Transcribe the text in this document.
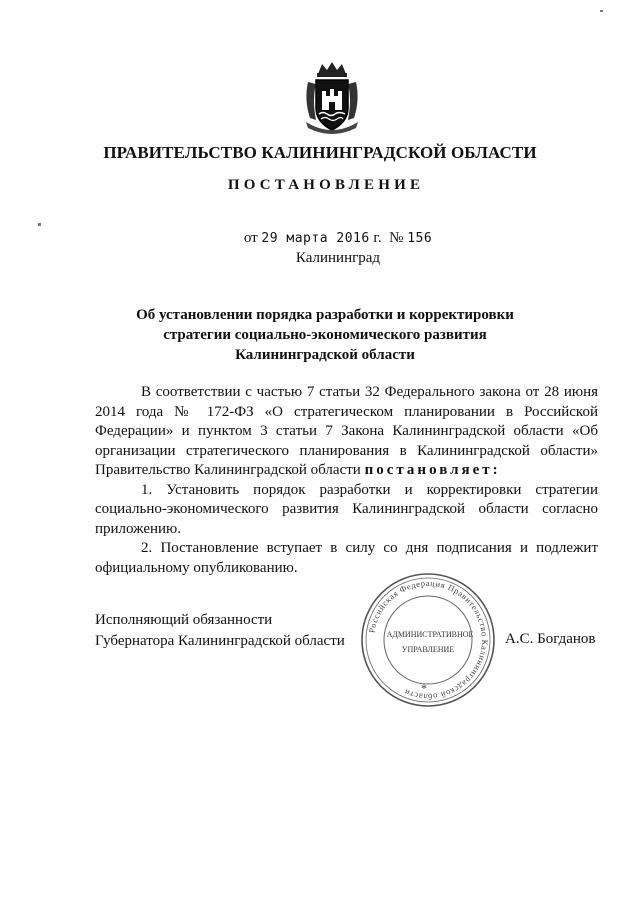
ПРАВИТЕЛЬСТВО КАЛИНИНГРАДСКОЙ ОБЛАСТИ
ПОСТАНОВЛЕНИЕ
от 29 марта 2016 г. № 156
Калининград
Об установлении порядка разработки и корректировки
стратегии социально-экономического развития
Калининградской области

В соответствии с частью 7 статьи 32 Федерального закона от 28 июня 2014 года № 172-ФЗ «О стратегическом планировании в Российской Федерации» и пунктом 3 статьи 7 Закона Калининградской области «Об организации стратегического планирования в Калининградской области» Правительство Калининградской области постановляет:

1. Установить порядок разработки и корректировки стратегии социально-экономического развития Калининградской области согласно приложению.

2. Постановление вступает в силу со дня подписания и подлежит официальному опубликованию.

Исполняющий обязанности
Губернатора Калининградской области	А.С. Богданов
Российская Федерация Правительство Калининградской области
АДМИНИСТРАТИВНОЕ
УПРАВЛЕНИЕ
*
